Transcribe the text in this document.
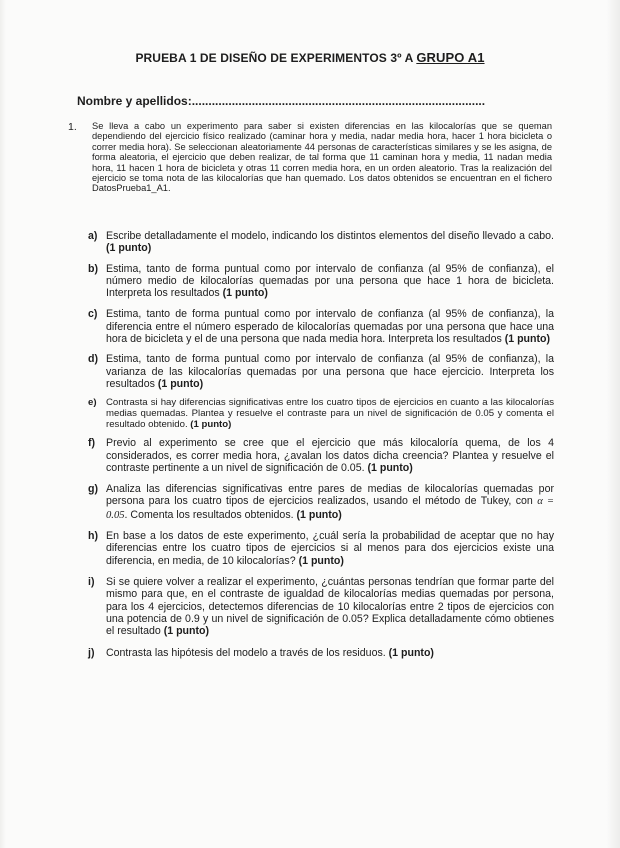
PRUEBA 1 DE DISEÑO DE EXPERIMENTOS 3º A GRUPO A1
Nombre y apellidos:........................................................................................
1. Se lleva a cabo un experimento para saber si existen diferencias en las kilocalorías que se queman dependiendo del ejercicio físico realizado (caminar hora y media, nadar media hora, hacer 1 hora bicicleta o correr media hora). Se seleccionan aleatoriamente 44 personas de características similares y se les asigna, de forma aleatoria, el ejercicio que deben realizar, de tal forma que 11 caminan hora y media, 11 nadan media hora, 11 hacen 1 hora de bicicleta y otras 11 corren media hora, en un orden aleatorio. Tras la realización del ejercicio se toma nota de las kilocalorías que han quemado. Los datos obtenidos se encuentran en el fichero DatosPrueba1_A1.
a) Escribe detalladamente el modelo, indicando los distintos elementos del diseño llevado a cabo. (1 punto)
b) Estima, tanto de forma puntual como por intervalo de confianza (al 95% de confianza), el número medio de kilocalorías quemadas por una persona que hace 1 hora de bicicleta. Interpreta los resultados (1 punto)
c) Estima, tanto de forma puntual como por intervalo de confianza (al 95% de confianza), la diferencia entre el número esperado de kilocalorías quemadas por una persona que hace una hora de bicicleta y el de una persona que nada media hora. Interpreta los resultados (1 punto)
d) Estima, tanto de forma puntual como por intervalo de confianza (al 95% de confianza), la varianza de las kilocalorías quemadas por una persona que hace ejercicio. Interpreta los resultados (1 punto)
e) Contrasta si hay diferencias significativas entre los cuatro tipos de ejercicios en cuanto a las kilocalorías medias quemadas. Plantea y resuelve el contraste para un nivel de significación de 0.05 y comenta el resultado obtenido. (1 punto)
f) Previo al experimento se cree que el ejercicio que más kilocaloría quema, de los 4 considerados, es correr media hora, ¿avalan los datos dicha creencia? Plantea y resuelve el contraste pertinente a un nivel de significación de 0.05. (1 punto)
g) Analiza las diferencias significativas entre pares de medias de kilocalorías quemadas por persona para los cuatro tipos de ejercicios realizados, usando el método de Tukey, con α = 0.05. Comenta los resultados obtenidos. (1 punto)
h) En base a los datos de este experimento, ¿cuál sería la probabilidad de aceptar que no hay diferencias entre los cuatro tipos de ejercicios si al menos para dos ejercicios existe una diferencia, en media, de 10 kilocalorías? (1 punto)
i) Si se quiere volver a realizar el experimento, ¿cuántas personas tendrían que formar parte del mismo para que, en el contraste de igualdad de kilocalorías medias quemadas por persona, para los 4 ejercicios, detectemos diferencias de 10 kilocalorías entre 2 tipos de ejercicios con una potencia de 0.9 y un nivel de significación de 0.05? Explica detalladamente cómo obtienes el resultado (1 punto)
j) Contrasta las hipótesis del modelo a través de los residuos. (1 punto)
